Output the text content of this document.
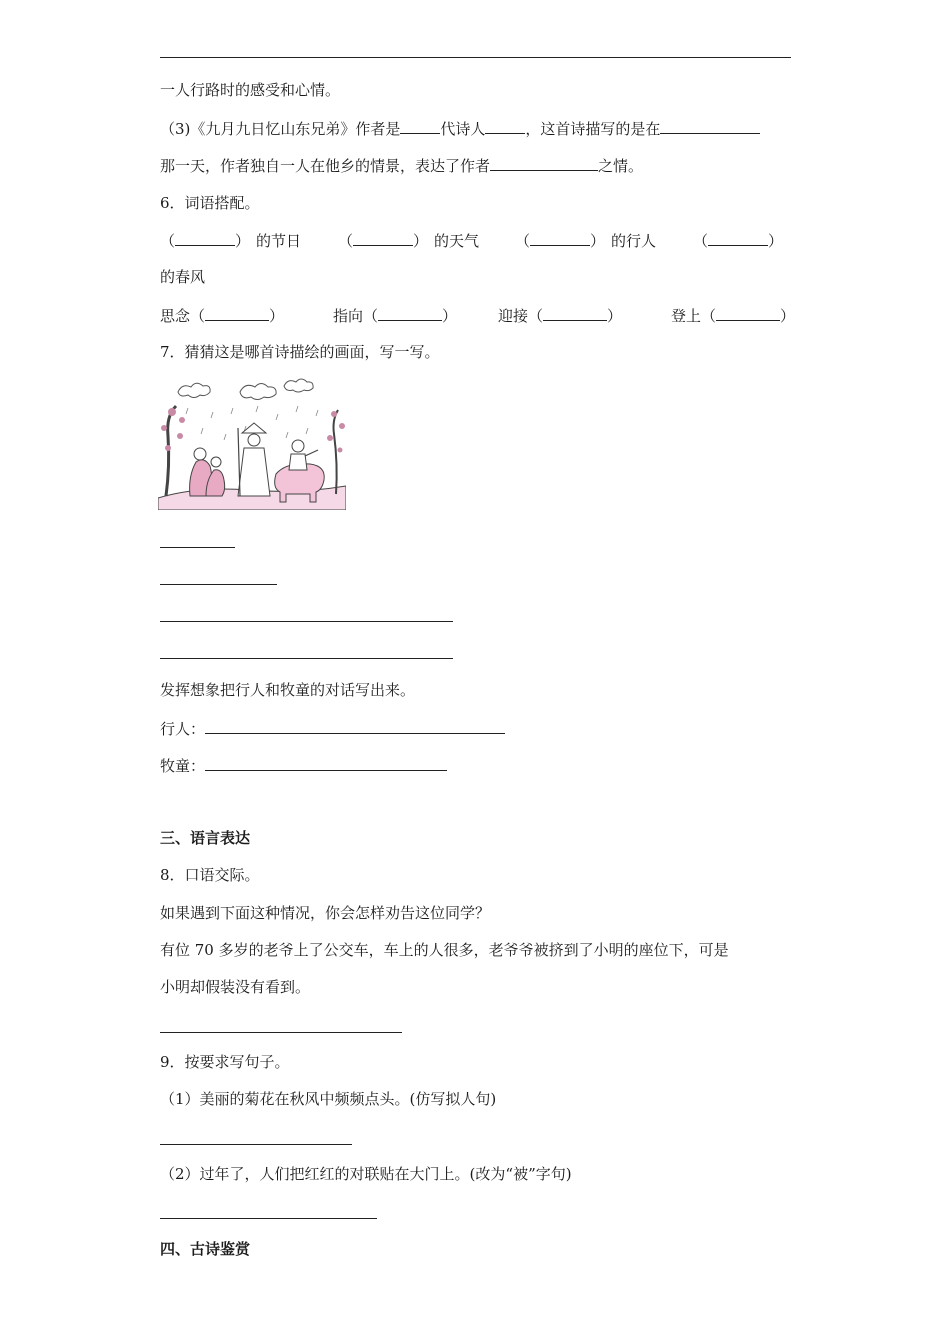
一人行路时的感受和心情。
（3)《九月九日忆山东兄弟》作者是	代诗人	，这首诗描写的是在
那一天，作者独自一人在他乡的情景，表达了作者	之情。
6．词语搭配。
（	） 的节日 （	） 的天气 （	） 的行人 （	）
的春风
思念（	）	指向（	）	迎接（	）	登上（	）
7．猜猜这是哪首诗描绘的画面，写一写。
发挥想象把行人和牧童的对话写出来。
行人：
牧童：
三、语言表达
8．口语交际。
如果遇到下面这种情况，你会怎样劝告这位同学？
有位 70 多岁的老爷上了公交车，车上的人很多，老爷爷被挤到了小明的座位下，可是
小明却假装没有看到。
9．按要求写句子。
（1）美丽的菊花在秋风中频频点头。(仿写拟人句)
（2）过年了，人们把红红的对联贴在大门上。(改为“被”字句)
四、古诗鉴赏
